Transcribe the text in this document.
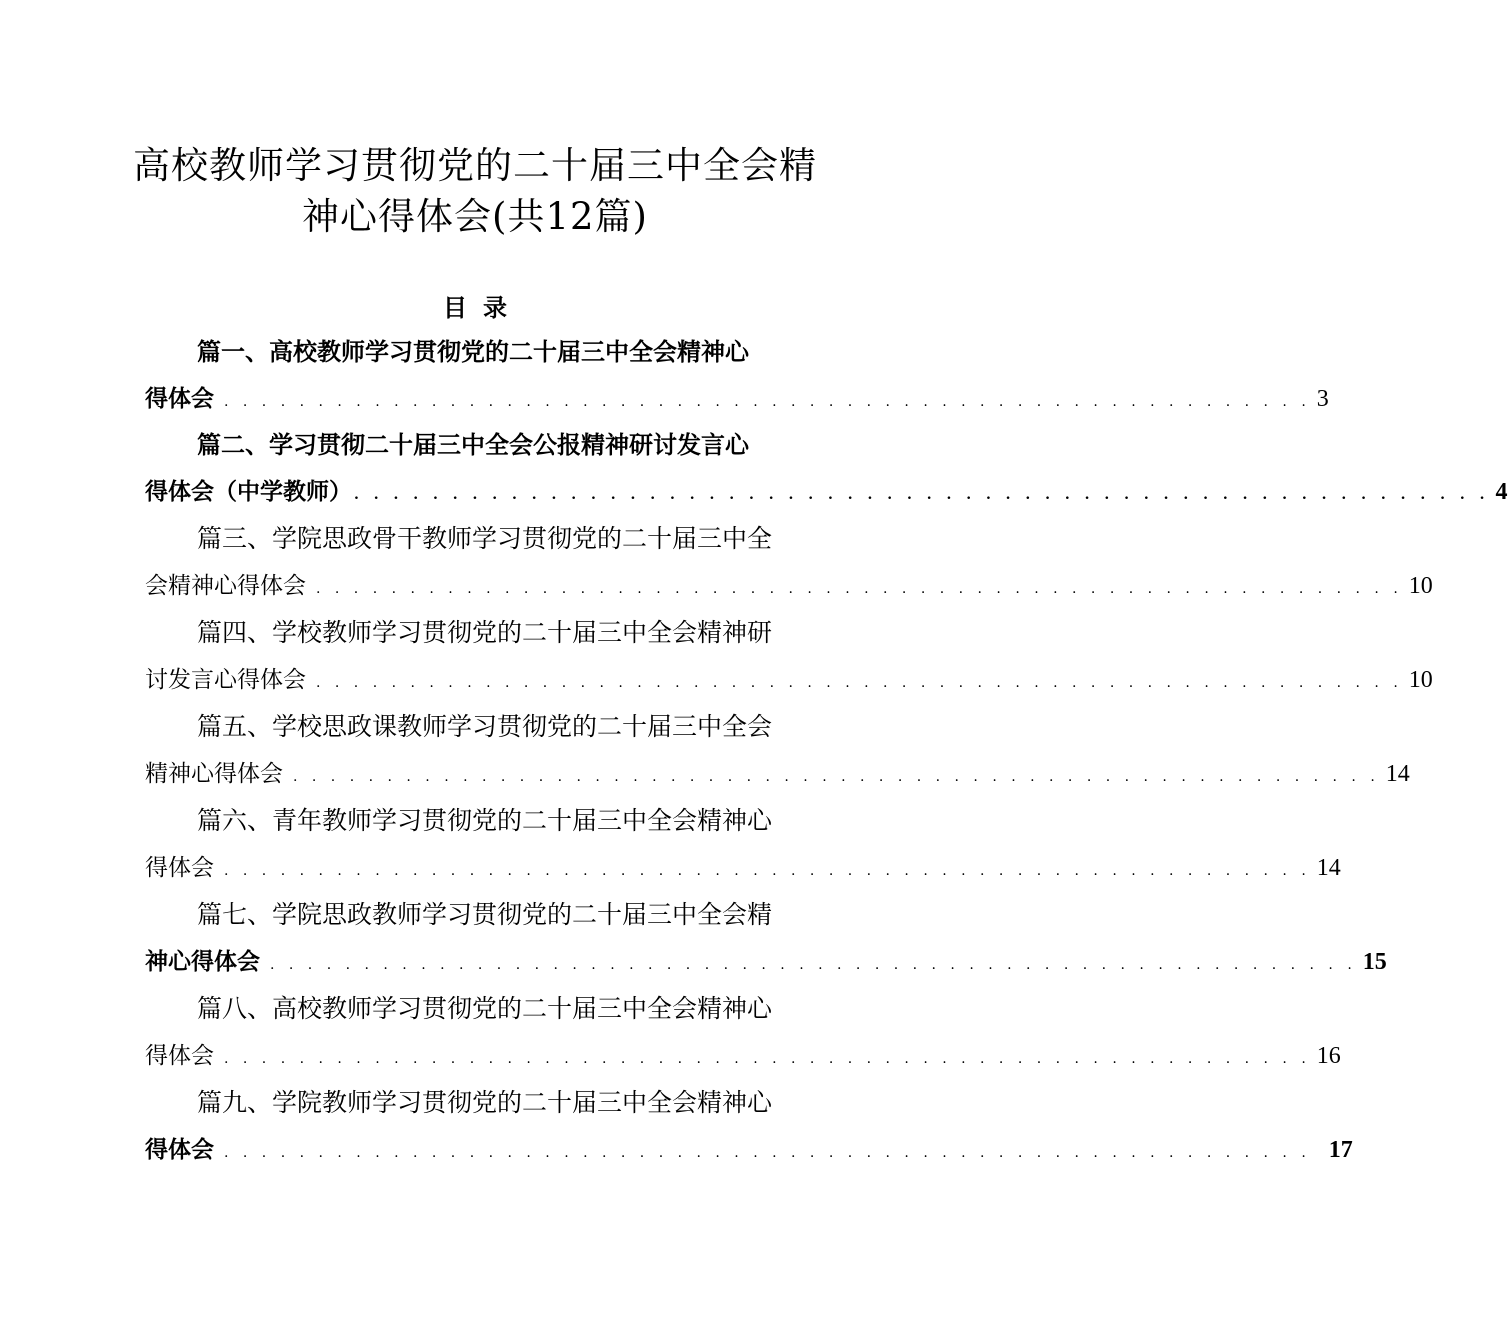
高校教师学习贯彻党的二十届三中全会精
神心得体会(共12篇)
目录
篇一、高校教师学习贯彻党的二十届三中全会精神心
得体会 . . . . . . . . . . . . . . . . . . . . . . . . . . . . . . . . . . . . . . . . . . . . . . . . . . . . . . . . . . 3
篇二、学习贯彻二十届三中全会公报精神研讨发言心
得体会（中学教师） . . . . . . . . . . . . . . . . . . . . . . . . . . . . . . . . . . . . . . . . . . . . . . . . . . . . . . . . . . 4
篇三、学院思政骨干教师学习贯彻党的二十届三中全
会精神心得体会 . . . . . . . . . . . . . . . . . . . . . . . . . . . . . . . . . . . . . . . . . . . . . . . . . . . . . . . . . . 10
篇四、学校教师学习贯彻党的二十届三中全会精神研
讨发言心得体会 . . . . . . . . . . . . . . . . . . . . . . . . . . . . . . . . . . . . . . . . . . . . . . . . . . . . . . . . . . 10
篇五、学校思政课教师学习贯彻党的二十届三中全会
精神心得体会 . . . . . . . . . . . . . . . . . . . . . . . . . . . . . . . . . . . . . . . . . . . . . . . . . . . . . . . . . . 14
篇六、青年教师学习贯彻党的二十届三中全会精神心
得体会 . . . . . . . . . . . . . . . . . . . . . . . . . . . . . . . . . . . . . . . . . . . . . . . . . . . . . . . . . . 14
篇七、学院思政教师学习贯彻党的二十届三中全会精
神心得体会 . . . . . . . . . . . . . . . . . . . . . . . . . . . . . . . . . . . . . . . . . . . . . . . . . . . . . . . . . . 15
篇八、高校教师学习贯彻党的二十届三中全会精神心
得体会 . . . . . . . . . . . . . . . . . . . . . . . . . . . . . . . . . . . . . . . . . . . . . . . . . . . . . . . . . . 16
篇九、学院教师学习贯彻党的二十届三中全会精神心
得体会 . . . . . . . . . . . . . . . . . . . . . . . . . . . . . . . . . . . . . . . . . . . . . . . . . . . . . . . . . . 17
